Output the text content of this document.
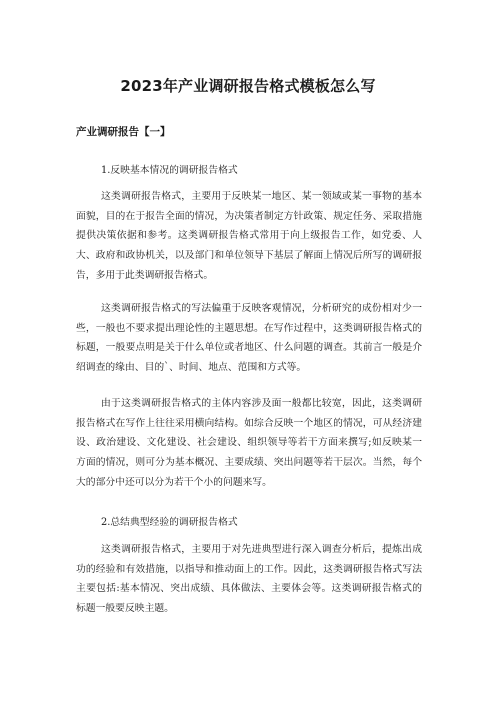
2023年产业调研报告格式模板怎么写
产业调研报告【一】
1.反映基本情况的调研报告格式

这类调研报告格式，主要用于反映某一地区、某一领域或某一事物的基本面貌，目的在于报告全面的情况，为决策者制定方针政策、规定任务、采取措施提供决策依据和参考。这类调研报告格式常用于向上级报告工作，如党委、人大、政府和政协机关，以及部门和单位领导下基层了解面上情况后所写的调研报告，多用于此类调研报告格式。

这类调研报告格式的写法偏重于反映客观情况，分析研究的成份相对少一些，一般也不要求提出理论性的主题思想。在写作过程中，这类调研报告格式的标题，一般要点明是关于什么单位或者地区、什么问题的调查。其前言一般是介绍调查的缘由、目的`、时间、地点、范围和方式等。

由于这类调研报告格式的主体内容涉及面一般都比较宽，因此，这类调研报告格式在写作上往往采用横向结构。如综合反映一个地区的情况，可从经济建设、政治建设、文化建设、社会建设、组织领导等若干方面来撰写;如反映某一方面的情况，则可分为基本概况、主要成绩、突出问题等若干层次。当然，每个大的部分中还可以分为若干个小的问题来写。

2.总结典型经验的调研报告格式

这类调研报告格式，主要用于对先进典型进行深入调查分析后，提炼出成功的经验和有效措施，以指导和推动面上的工作。因此，这类调研报告格式写法主要包括:基本情况、突出成绩、具体做法、主要体会等。这类调研报告格式的标题一般要反映主题。
